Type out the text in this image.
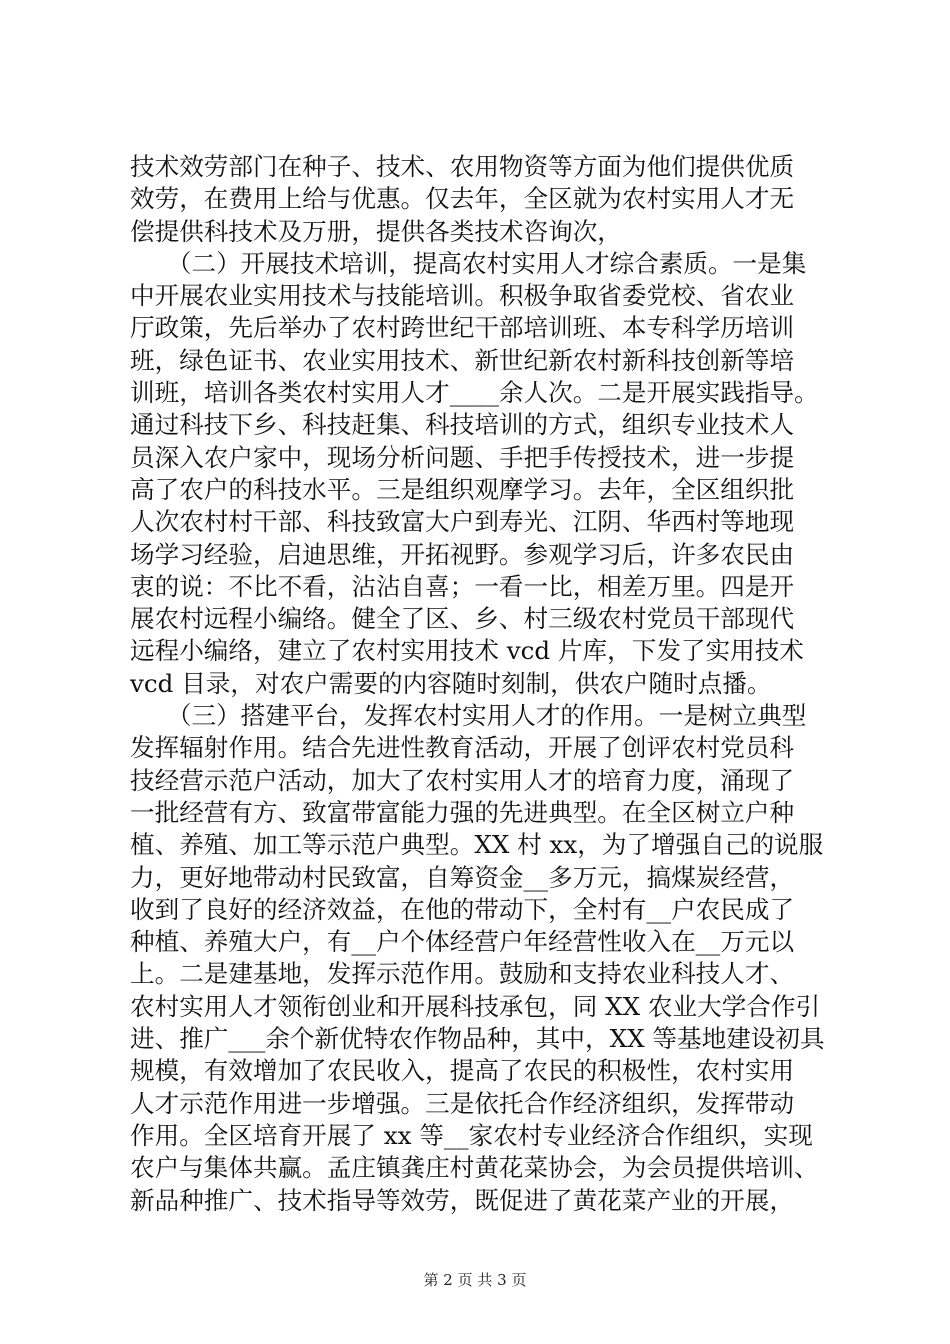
技术效劳部门在种子、技术、农用物资等方面为他们提供优质
效劳，在费用上给与优惠。仅去年，全区就为农村实用人才无
偿提供科技术及万册，提供各类技术咨询次，
　　（二）开展技术培训，提高农村实用人才综合素质。一是集
中开展农业实用技术与技能培训。积极争取省委党校、省农业
厅政策，先后举办了农村跨世纪干部培训班、本专科学历培训
班，绿色证书、农业实用技术、新世纪新农村新科技创新等培
训班，培训各类农村实用人才____余人次。二是开展实践指导。
通过科技下乡、科技赶集、科技培训的方式，组织专业技术人
员深入农户家中，现场分析问题、手把手传授技术，进一步提
高了农户的科技水平。三是组织观摩学习。去年，全区组织批
人次农村村干部、科技致富大户到寿光、江阴、华西村等地现
场学习经验，启迪思维，开拓视野。参观学习后，许多农民由
衷的说：不比不看，沾沾自喜；一看一比，相差万里。四是开
展农村远程小编络。健全了区、乡、村三级农村党员干部现代
远程小编络，建立了农村实用技术 vcd 片库，下发了实用技术
vcd 目录，对农户需要的内容随时刻制，供农户随时点播。
　　（三）搭建平台，发挥农村实用人才的作用。一是树立典型
发挥辐射作用。结合先进性教育活动，开展了创评农村党员科
技经营示范户活动，加大了农村实用人才的培育力度，涌现了
一批经营有方、致富带富能力强的先进典型。在全区树立户种
植、养殖、加工等示范户典型。XX 村 xx，为了增强自己的说服
力，更好地带动村民致富，自筹资金__多万元，搞煤炭经营，
收到了良好的经济效益，在他的带动下，全村有__户农民成了
种植、养殖大户，有__户个体经营户年经营性收入在__万元以
上。二是建基地，发挥示范作用。鼓励和支持农业科技人才、
农村实用人才领衔创业和开展科技承包，同 XX 农业大学合作引
进、推广___余个新优特农作物品种，其中，XX 等基地建设初具
规模，有效增加了农民收入，提高了农民的积极性，农村实用
人才示范作用进一步增强。三是依托合作经济组织，发挥带动
作用。全区培育开展了 xx 等__家农村专业经济合作组织，实现
农户与集体共赢。孟庄镇龚庄村黄花菜协会，为会员提供培训、
新品种推广、技术指导等效劳，既促进了黄花菜产业的开展，
第 2 页 共 3 页
